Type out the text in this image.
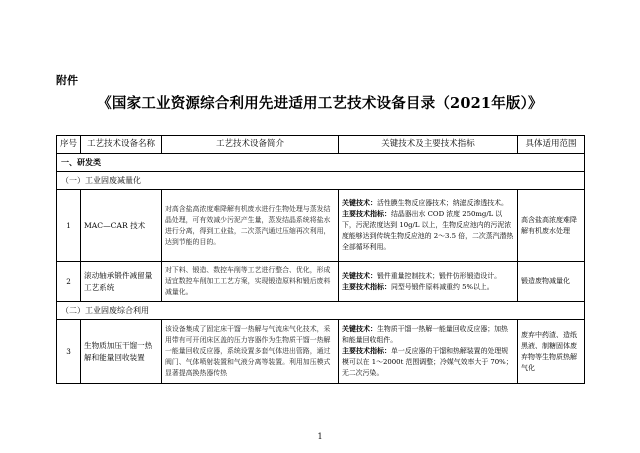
附件
《国家工业资源综合利用先进适用工艺技术设备目录（2021年版）》
序号	工艺技术设备名称	工艺技术设备简介	关键技术及主要技术指标	具体适用范围
一、研发类				
（一）工业固废减量化				
1	MAC—CAR 技术	对高含盐高浓度难降解有机废水进行生物处理与蒸发结晶处理，可有效减少污泥产生量，蒸发结晶系统将盐水进行分离，得到工业盐，二次蒸汽通过压缩再次利用，达到节能的目的。	关键技术：活性膜生物反应器技术；纳滤反渗透技术。
主要技术指标：结晶器出水 COD 浓度 250mg/L 以下，污泥浓度达到 10g/L 以上，生物反应池内的污泥浓度能够达到传统生物反应池的 2～3.5 倍，二次蒸汽潜热全部循环利用。	高含盐高浓度难降解有机废水处理
2	滚动轴承锻件减留量工艺系统	对下料、锻造、数控车削等工艺进行整合、优化，形成适宜数控车削加工工艺方案，实现锻造原料和锻后废料减量化。	关键技术：锻件重量控制技术；锻件仿形锻造设计。
主要技术指标：同型号锻件原料减重约 5%以上。	锻造废物减量化
（二）工业固废综合利用				
3	生物质加压干馏一热解和能量回收装置	该设备集成了固定床干馏一热解与气流床气化技术，采用带有可开闭床区盖的压力容器作为生物质干馏一热解一能量回收反应器，系统设置多套气体进出管路，通过阀门、气体喷射装置和气液分离等装置。利用加压模式显著提高换热器传热	关键技术：生物质干馏一热解一能量回收反应器；加热和能量回收组件。
主要技术指标：单一反应器的干馏和热解装置的处理规模可以在 1～2000t 范围调整；冷媒气效率大于 70%；无二次污染。	废弃中药渣、造纸黑液、制糖固体废弃物等生物质热解气化
1
